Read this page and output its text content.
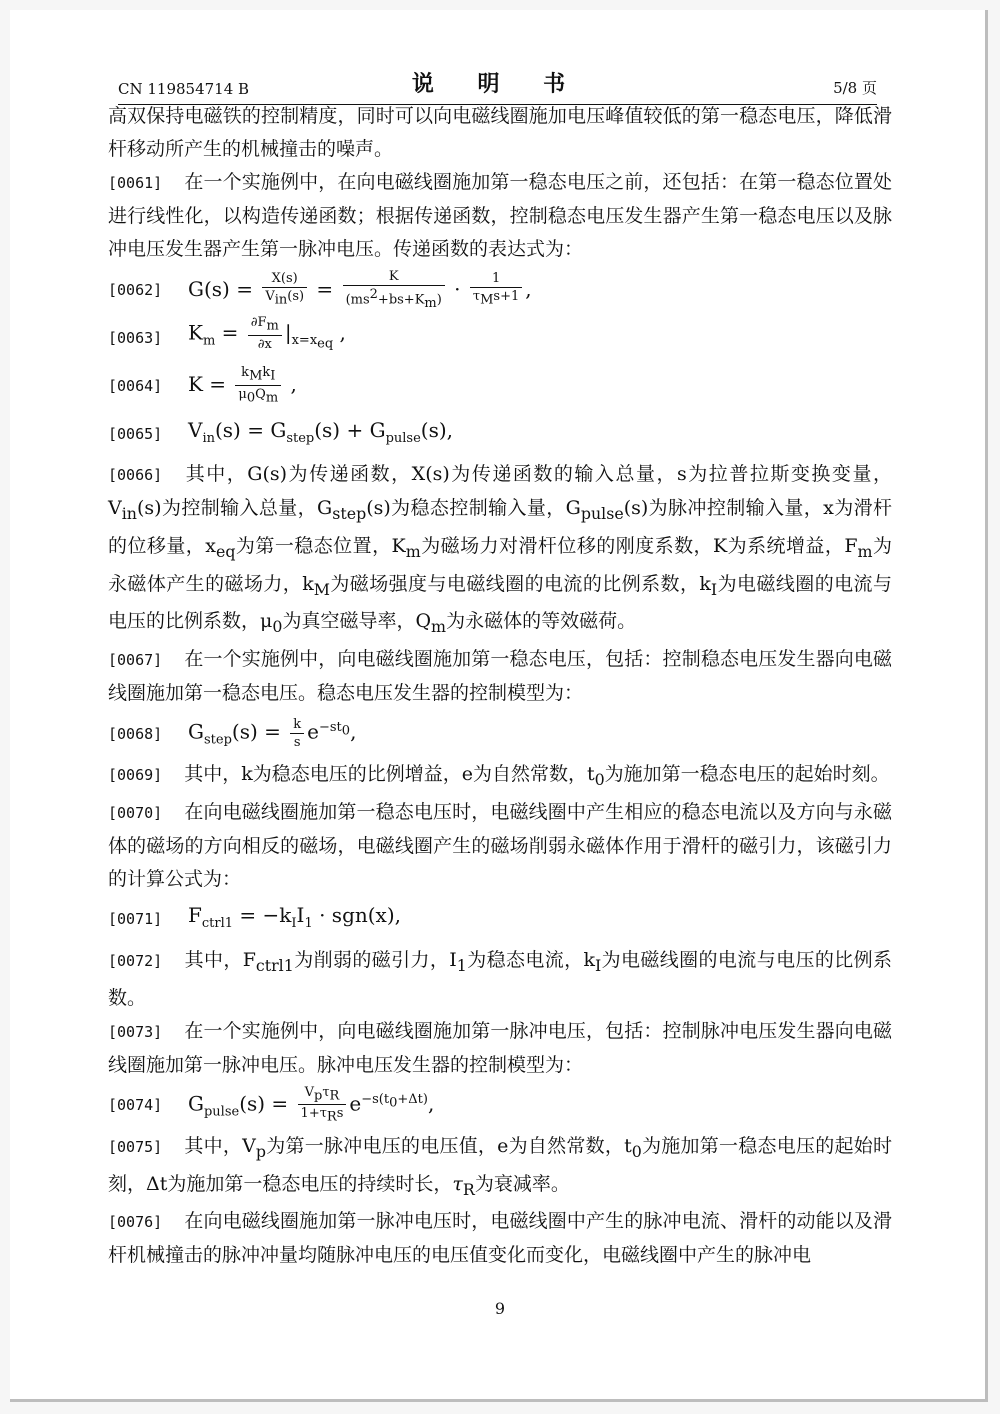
CN 119854714 B	说 明 书	5/8 页

高双保持电磁铁的控制精度，同时可以向电磁线圈施加电压峰值较低的第一稳态电压，降低滑杆移动所产生的机械撞击的噪声。

[0061] 在一个实施例中，在向电磁线圈施加第一稳态电压之前，还包括：在第一稳态位置处进行线性化，以构造传递函数；根据传递函数，控制稳态电压发生器产生第一稳态电压以及脉冲电压发生器产生第一脉冲电压。传递函数的表达式为：

[0062]	$G(s) = \frac{X(s)}{V_{in}(s)} = \frac{K}{(ms^2+bs+K_m)} \cdot \frac{1}{\tau_Ms+1}$ ,
[0063]	$K_m = \frac{\partial F_m}{\partial x} |_{x=x_{eq}}$ ,
[0064]	$K = \frac{k_Mk_I}{\mu_0Q_m}$ ,
[0065]	$V_{in}(s) = G_{step}(s) + G_{pulse}(s)$,

[0066] 其中，G(s)为传递函数，X(s)为传递函数的输入总量，s为拉普拉斯变换变量，$V_{in}(s)$为控制输入总量，$G_{step}(s)$为稳态控制输入量，$G_{pulse}(s)$为脉冲控制输入量，x为滑杆的位移量，$x_{eq}$为第一稳态位置，$K_m$为磁场力对滑杆位移的刚度系数，K为系统增益，$F_m$为永磁体产生的磁场力，$k_M$为磁场强度与电磁线圈的电流的比例系数，$k_I$为电磁线圈的电流与电压的比例系数，$\mu_0$为真空磁导率，$Q_m$为永磁体的等效磁荷。

[0067] 在一个实施例中，向电磁线圈施加第一稳态电压，包括：控制稳态电压发生器向电磁线圈施加第一稳态电压。稳态电压发生器的控制模型为：

[0068]	$G_{step}(s) = \frac{k}{s} e^{-st_0}$,

[0069] 其中，k为稳态电压的比例增益，e为自然常数，$t_0$为施加第一稳态电压的起始时刻。

[0070] 在向电磁线圈施加第一稳态电压时，电磁线圈中产生相应的稳态电流以及方向与永磁体的磁场的方向相反的磁场，电磁线圈产生的磁场削弱永磁体作用于滑杆的磁引力，该磁引力的计算公式为：

[0071]	$F_{ctrl1} = -k_II_1 \cdot sgn(x)$,

[0072] 其中，$F_{ctrl1}$为削弱的磁引力，$I_1$为稳态电流，$k_I$为电磁线圈的电流与电压的比例系数。

[0073] 在一个实施例中，向电磁线圈施加第一脉冲电压，包括：控制脉冲电压发生器向电磁线圈施加第一脉冲电压。脉冲电压发生器的控制模型为：

[0074]	$G_{pulse}(s) = \frac{V_p\tau_R}{1+\tau_Rs} e^{-s(t_0+\Delta t)}$,

[0075] 其中，$V_p$为第一脉冲电压的电压值，e为自然常数，$t_0$为施加第一稳态电压的起始时刻，Δt为施加第一稳态电压的持续时长，$\tau_R$为衰减率。

[0076] 在向电磁线圈施加第一脉冲电压时，电磁线圈中产生的脉冲电流、滑杆的动能以及滑杆机械撞击的脉冲冲量均随脉冲电压的电压值变化而变化，电磁线圈中产生的脉冲电

9
